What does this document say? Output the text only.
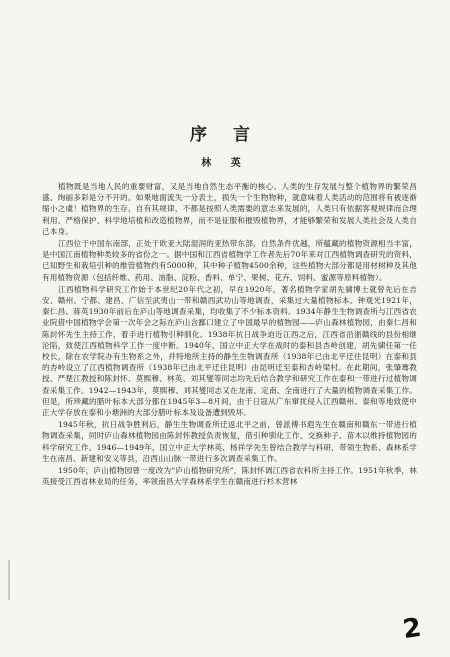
序 言
林 英

植物既是当地人民的重要财富，又是当地自然生态平衡的核心。人类的生存发展与整个植物界的繁荣昌盛、绚丽多彩是分不开的。如果地面流失一分表土，损失一个生物物种，就意味着人类活动的范围将有被逐渐缩小之虞！植物界的生存，自有其规律，不都是按照人类需要的意志来发展的，人类只有依据客观规律而合理利用、严格保护、科学地培植和改造植物界，而不是征服和摧毁植物界，才能够繁荣和发展人类社会及人类自己本身。

江西位于中国东南部，正处于欧亚大陆湿润的亚热带东部，自然条件优越，所蕴藏的植物资源相当丰富，是中国江南植物种类较多的省份之一。据中国和江西省植物学工作者先后70年来对江西植物调查研究的资料，已知野生和栽培引种的维管植物约有5000种，其中种子植物4500余种，这些植物大部分都是用材树种及其他有用植物资源（包括纤维、药用、油脂、淀粉、香料、单宁、果树、花卉、饲料、蜜源等原料植物）。

江西植物科学研究工作始于本世纪20年代之初，早在1920年，著名植物学家胡先骕博士就曾先后在吉安、赣州、宁都、建昌、广信至武夷山一带和赣西武功山等地调查，采集过大量植物标本。钟观光1921年，秦仁昌、蒋英1930年前后在庐山等地调查采集，均收集了不少标本资料。1934年静生生物调查所与江西省农业院借中国植物学会第一次年会之际在庐山含鄱口建立了中国最早的植物园——庐山森林植物园，由秦仁昌和陈封怀先生主持工作，着手进行植物引种驯化。1938年抗日战争迫近江西之后，江西省沿浙赣线的县份相继沦陷，致使江西植物科学工作一度中断。1940年，国立中正大学在战时的泰和县杏岭创建，胡先骕任第一任校长，除在农学院办有生物系之外，并特地所主持的静生生物调查所（1938年已由北平迁往昆明）在泰和县的杏岭设立了江西植物调查所（1938年已由北平迁往昆明）由昆明迁至泰和杏岭梁村。在此期间，张肇骞教授、严楚江教授和陈封怀、莫熙穆、林英、刘其燮等同志均先后结合教学和研究工作在泰和一带进行过植物调查采集工作。1942—1943年，莫熙穆、刘其燮同志又在龙南、定南、全南进行了大量的植物调查采集工作。但是，所珍藏的腊叶标本大部分都在1945年3—8月间，由于日寇从广东窜扰侵入江西赣州、泰和等地致使中正大学存放在泰和小塘洲的大部分腊叶标本及设备遭到毁坏。

1945年秋，抗日战争胜利后，静生生物调查所迁返北平之前，曾派傅书遐先生在赣南和赣东一带进行植物调查采集，同时庐山森林植物园由陈封怀教授负责恢复，借引种驯化工作，交换种子、苗木以维持植物园的科学研究工作。1946—1949年，国立中正大学林英、杨祥学先生曾结合教学与科研，带领生物系、森林系学生在南昌、新建和安义等县，沿西山山脉一带进行多次调查采集工作。

1950年，庐山植物园曾一度改为“庐山植物研究所”，陈封怀调江西省农科所主持工作。1951年秋季，林英接受江西省林业局的任务，率领南昌大学森林系学生在赣南进行杉木营林

2
